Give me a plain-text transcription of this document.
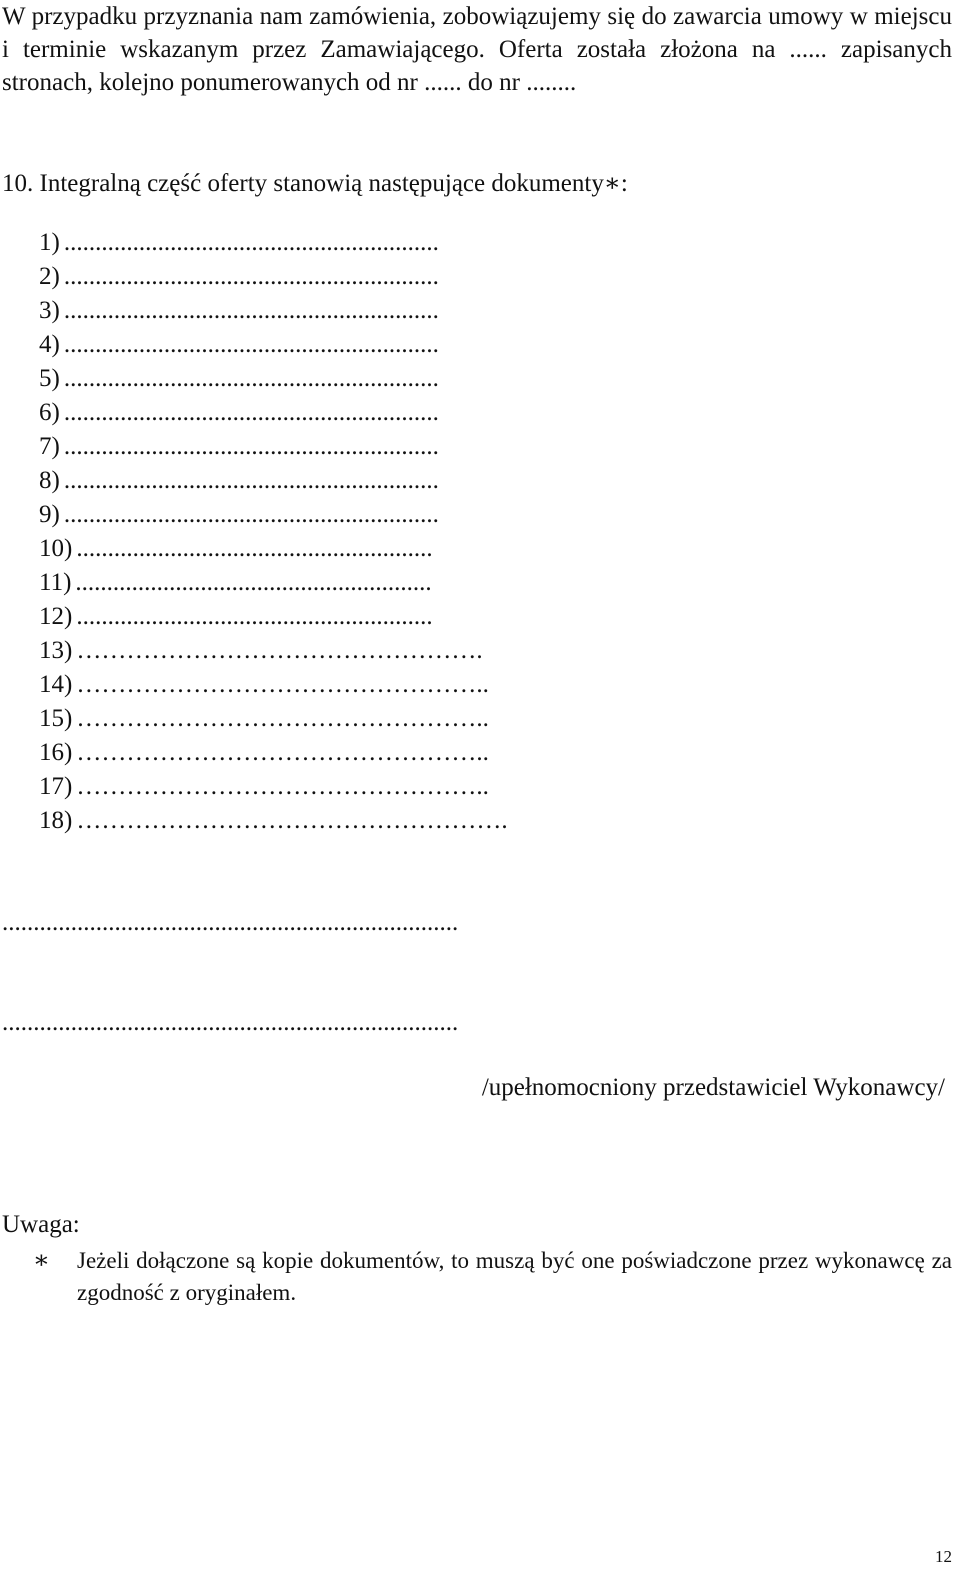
W przypadku przyznania nam zamówienia, zobowiązujemy się do zawarcia umowy w miejscu i terminie wskazanym przez Zamawiającego. Oferta została złożona na ...... zapisanych stronach, kolejno ponumerowanych od nr ...... do nr ........

10. Integralną część oferty stanowią następujące dokumenty∗:
1) ............................................................
2) ............................................................
3) ............................................................
4) ............................................................
5) ............................................................
6) ............................................................
7) ............................................................
8) ............................................................
9) ............................................................
10) .........................................................
11) .........................................................
12) .........................................................
13) ………………………………………….
14) …………………………………………..
15) …………………………………………..
16) …………………………………………..
17) …………………………………………..
18) …………………………………………….
.........................................................................
.........................................................................
/upełnomocniony przedstawiciel Wykonawcy/
Uwaga:
∗ Jeżeli dołączone są kopie dokumentów, to muszą być one poświadczone przez wykonawcę za zgodność z oryginałem.
12
